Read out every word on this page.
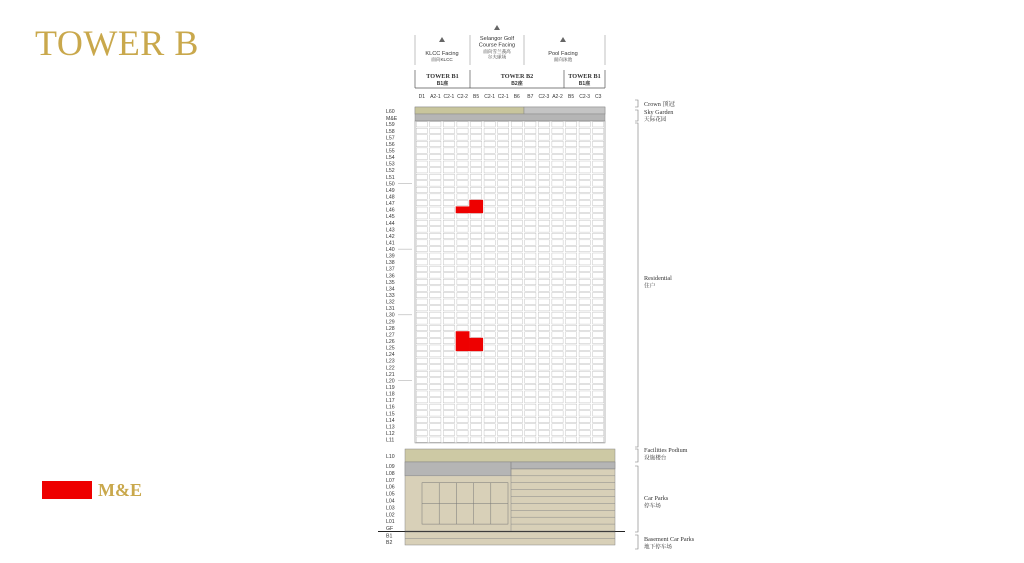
TOWER B
M&E
KLCC Facing
面向KLCC
Selangor Golf
Course Facing
面向雪兰莪高
尔夫球场	Pool Facing
面向泳池
TOWER B1
B1座
TOWER B2
B2座
TOWER B1
B1座
D1 A2-1 C2-1 C2-2 B5 C2-1 C2-1 B6 B7 C2-3 A2-2 B5 C2-3 C3
L60
M&E
L59
L58
L57
L56
L55
L54
L53
L52
L51
L50
L49
L48
L47
L46
L45
L44
L43
L42
L41
L40
L39
L38
L37
L36
L35
L34
L33
L32
L31
L30
L29
L28
L27
L26
L25
L24
L23
L22
L21
L20
L19
L18
L17
L16
L15
L14
L13
L12
L11
L10
L09
L08
L07
L06
L05
L04
L03
L02
L01
GF
B1
B2
Crown 顶冠
Sky Garden
天际花园
Residential
住户
Facilities Podium
设施楼台
Car Parks
停车场
Basement Car Parks
地下停车场
